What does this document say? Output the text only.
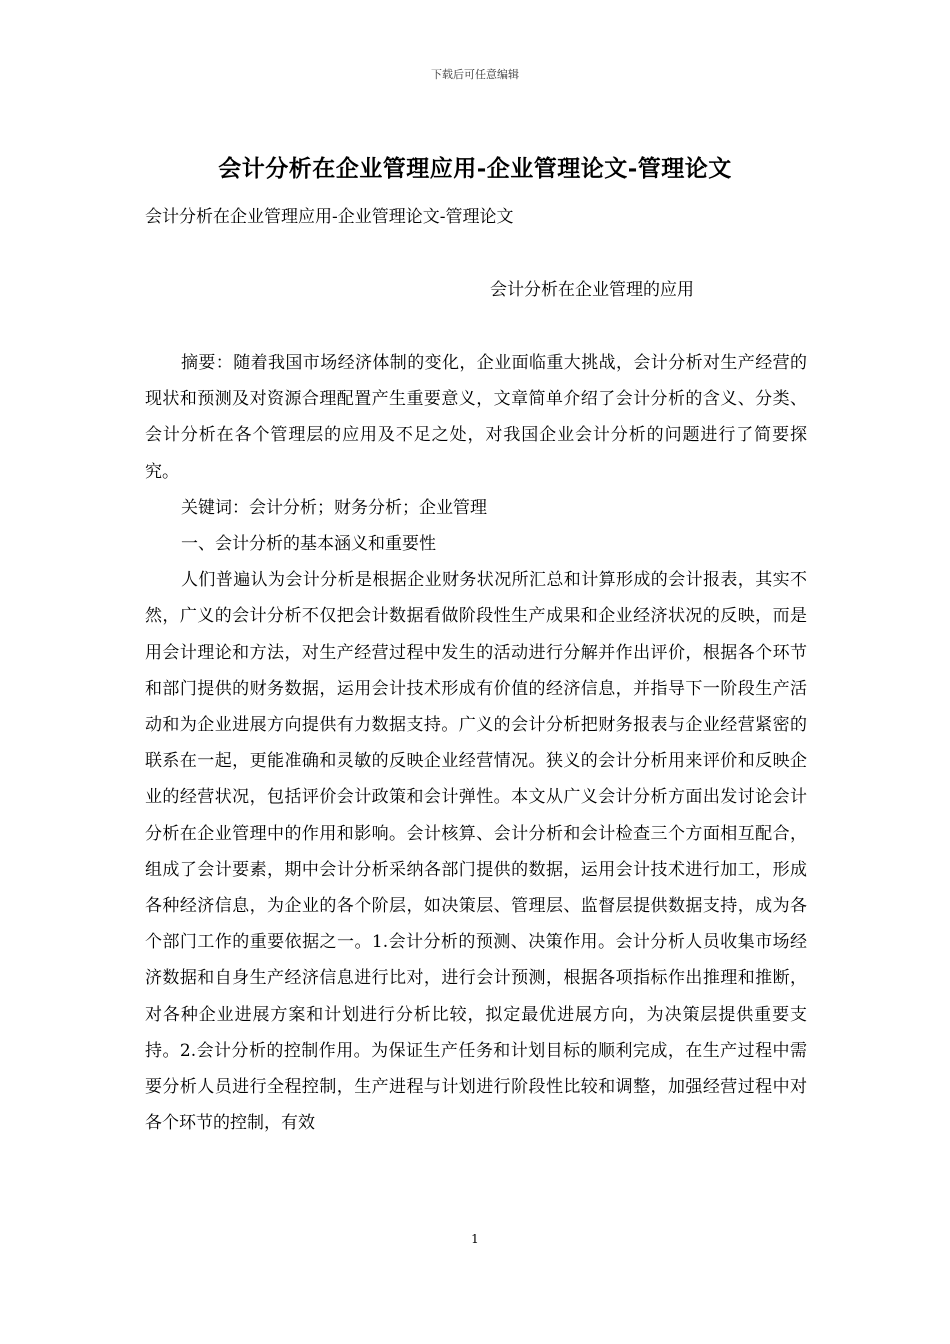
下载后可任意编辑
会计分析在企业管理应用-企业管理论文-管理论文
会计分析在企业管理应用-企业管理论文-管理论文
会计分析在企业管理的应用

摘要：随着我国市场经济体制的变化，企业面临重大挑战，会计分析对生产经营的现状和预测及对资源合理配置产生重要意义，文章简单介绍了会计分析的含义、分类、会计分析在各个管理层的应用及不足之处，对我国企业会计分析的问题进行了简要探究。

关键词：会计分析；财务分析；企业管理

一、会计分析的基本涵义和重要性

人们普遍认为会计分析是根据企业财务状况所汇总和计算形成的会计报表，其实不然，广义的会计分析不仅把会计数据看做阶段性生产成果和企业经济状况的反映，而是用会计理论和方法，对生产经营过程中发生的活动进行分解并作出评价，根据各个环节和部门提供的财务数据，运用会计技术形成有价值的经济信息，并指导下一阶段生产活动和为企业进展方向提供有力数据支持。广义的会计分析把财务报表与企业经营紧密的联系在一起，更能准确和灵敏的反映企业经营情况。狭义的会计分析用来评价和反映企业的经营状况，包括评价会计政策和会计弹性。本文从广义会计分析方面出发讨论会计分析在企业管理中的作用和影响。会计核算、会计分析和会计检查三个方面相互配合，组成了会计要素，期中会计分析采纳各部门提供的数据，运用会计技术进行加工，形成各种经济信息，为企业的各个阶层，如决策层、管理层、监督层提供数据支持，成为各个部门工作的重要依据之一。1.会计分析的预测、决策作用。会计分析人员收集市场经济数据和自身生产经济信息进行比对，进行会计预测，根据各项指标作出推理和推断，对各种企业进展方案和计划进行分析比较，拟定最优进展方向，为决策层提供重要支持。2.会计分析的控制作用。为保证生产任务和计划目标的顺利完成，在生产过程中需要分析人员进行全程控制，生产进程与计划进行阶段性比较和调整，加强经营过程中对各个环节的控制，有效

1
